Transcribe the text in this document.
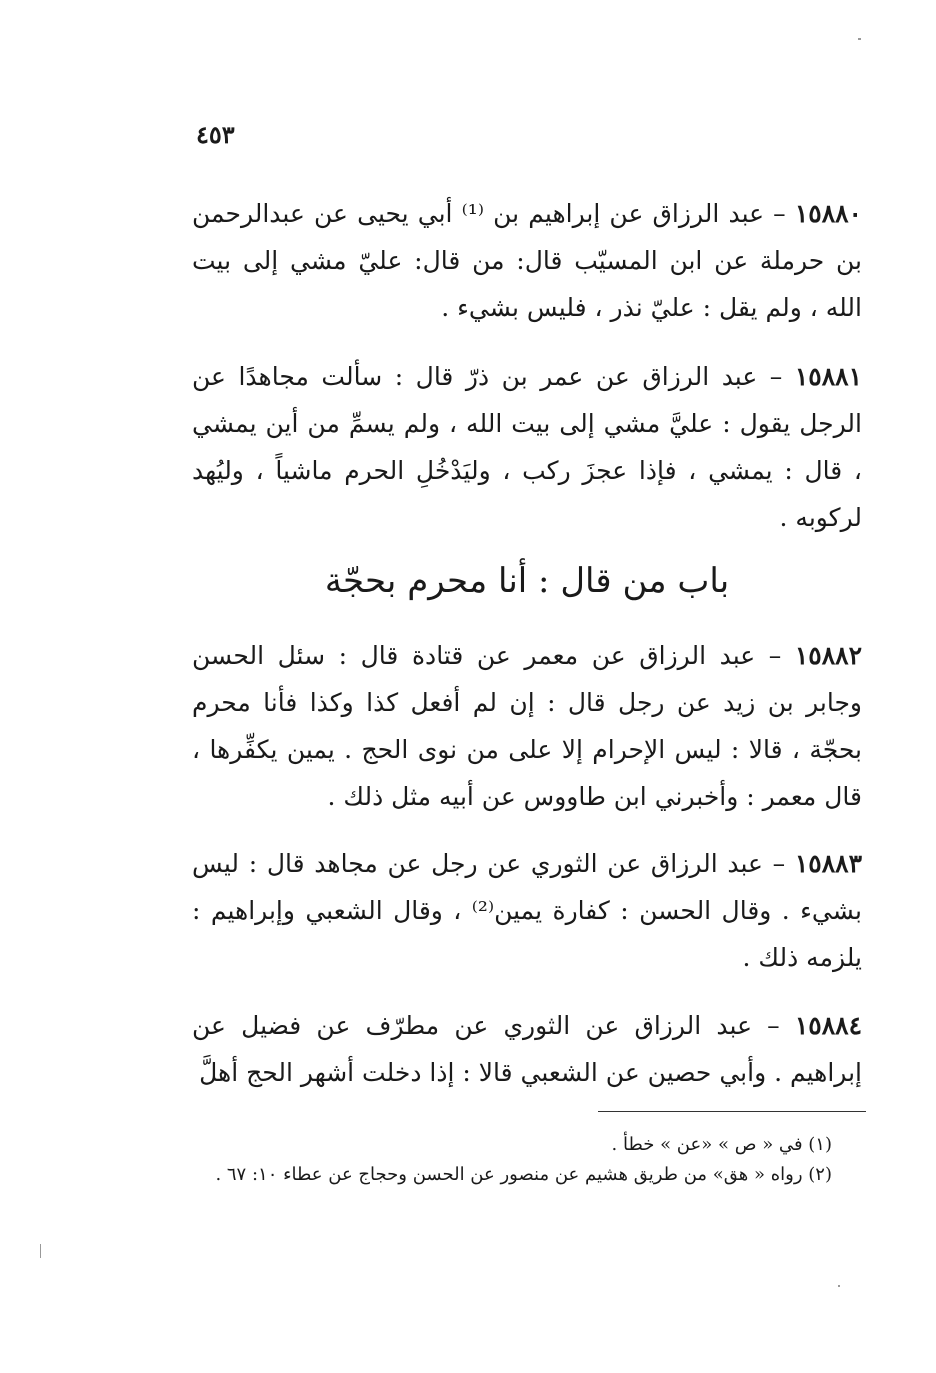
٤٥٣

١٥٨٨٠ – عبد الرزاق عن إبراهيم بن ⁽¹⁾ أبي يحيى عن عبدالرحمن بن حرملة عن ابن المسيّب قال: من قال: عليّ مشي إلى بيت الله ، ولم يقل : عليّ نذر ، فليس بشيء .

١٥٨٨١ – عبد الرزاق عن عمر بن ذرّ قال : سألت مجاهدًا عن الرجل يقول : عليَّ مشي إلى بيت الله ، ولم يسمِّ من أين يمشي ، قال : يمشي ، فإذا عجزَ ركب ، وليَدْخُلِ الحرم ماشياً ، وليُهد لركوبه .

باب من قال : أنا محرم بحجّة

١٥٨٨٢ – عبد الرزاق عن معمر عن قتادة قال : سئل الحسن وجابر بن زيد عن رجل قال : إن لم أفعل كذا وكذا فأنا محرم بحجّة ، قالا : ليس الإحرام إلا على من نوى الحج . يمين يكفِّرها ، قال معمر : وأخبرني ابن طاووس عن أبيه مثل ذلك .

١٥٨٨٣ – عبد الرزاق عن الثوري عن رجل عن مجاهد قال : ليس بشيء . وقال الحسن : كفارة يمين⁽²⁾ ، وقال الشعبي وإبراهيم : يلزمه ذلك .

١٥٨٨٤ – عبد الرزاق عن الثوري عن مطرّف عن فضيل عن إبراهيم . وأبي حصين عن الشعبي قالا : إذا دخلت أشهر الحج أهلَّ

(١) في « ص » «عن » خطأ .

(٢) رواه « هق» من طريق هشيم عن منصور عن الحسن وحجاج عن عطاء ١٠: ٦٧ .
